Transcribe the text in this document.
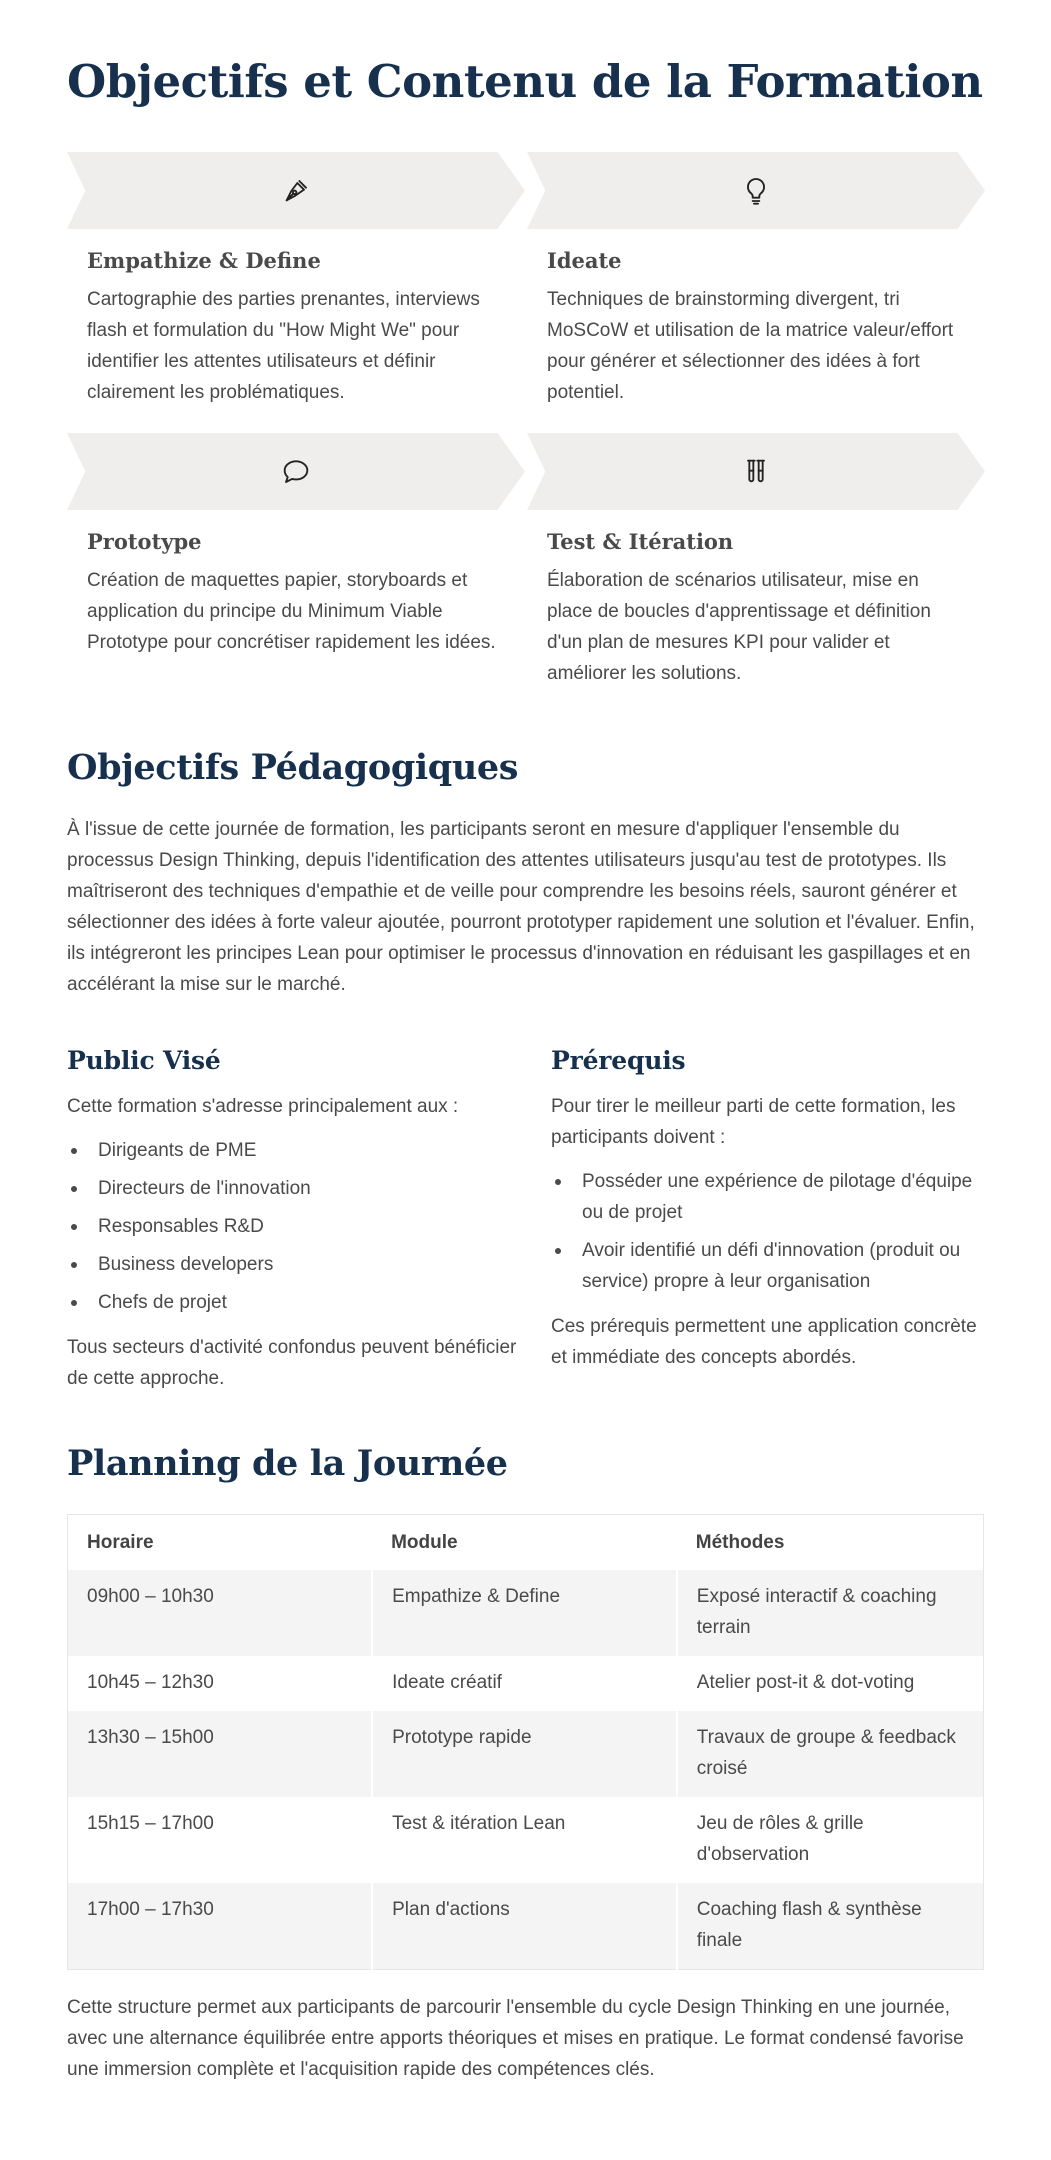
Objectifs et Contenu de la Formation
Empathize & Define
Cartographie des parties prenantes, interviews flash et formulation du "How Might We" pour identifier les attentes utilisateurs et définir clairement les problématiques.
Ideate
Techniques de brainstorming divergent, tri MoSCoW et utilisation de la matrice valeur/effort pour générer et sélectionner des idées à fort potentiel.
Prototype
Création de maquettes papier, storyboards et application du principe du Minimum Viable Prototype pour concrétiser rapidement les idées.
Test & Itération
Élaboration de scénarios utilisateur, mise en place de boucles d'apprentissage et définition d'un plan de mesures KPI pour valider et améliorer les solutions.
Objectifs Pédagogiques

À l'issue de cette journée de formation, les participants seront en mesure d'appliquer l'ensemble du processus Design Thinking, depuis l'identification des attentes utilisateurs jusqu'au test de prototypes. Ils maîtriseront des techniques d'empathie et de veille pour comprendre les besoins réels, sauront générer et sélectionner des idées à forte valeur ajoutée, pourront prototyper rapidement une solution et l'évaluer. Enfin, ils intégreront les principes Lean pour optimiser le processus d'innovation en réduisant les gaspillages et en accélérant la mise sur le marché.

Public Visé

Cette formation s'adresse principalement aux :

Dirigeants de PME
Directeurs de l'innovation
Responsables R&D
Business developers
Chefs de projet

Tous secteurs d'activité confondus peuvent bénéficier de cette approche.

Prérequis

Pour tirer le meilleur parti de cette formation, les participants doivent :

Posséder une expérience de pilotage d'équipe ou de projet
Avoir identifié un défi d'innovation (produit ou service) propre à leur organisation

Ces prérequis permettent une application concrète et immédiate des concepts abordés.

Planning de la Journée
Horaire	Module	Méthodes
09h00 – 10h30	Empathize & Define	Exposé interactif & coaching terrain
10h45 – 12h30	Ideate créatif	Atelier post-it & dot-voting
13h30 – 15h00	Prototype rapide	Travaux de groupe & feedback croisé
15h15 – 17h00	Test & itération Lean	Jeu de rôles & grille d'observation
17h00 – 17h30	Plan d'actions	Coaching flash & synthèse finale

Cette structure permet aux participants de parcourir l'ensemble du cycle Design Thinking en une journée, avec une alternance équilibrée entre apports théoriques et mises en pratique. Le format condensé favorise une immersion complète et l'acquisition rapide des compétences clés.
